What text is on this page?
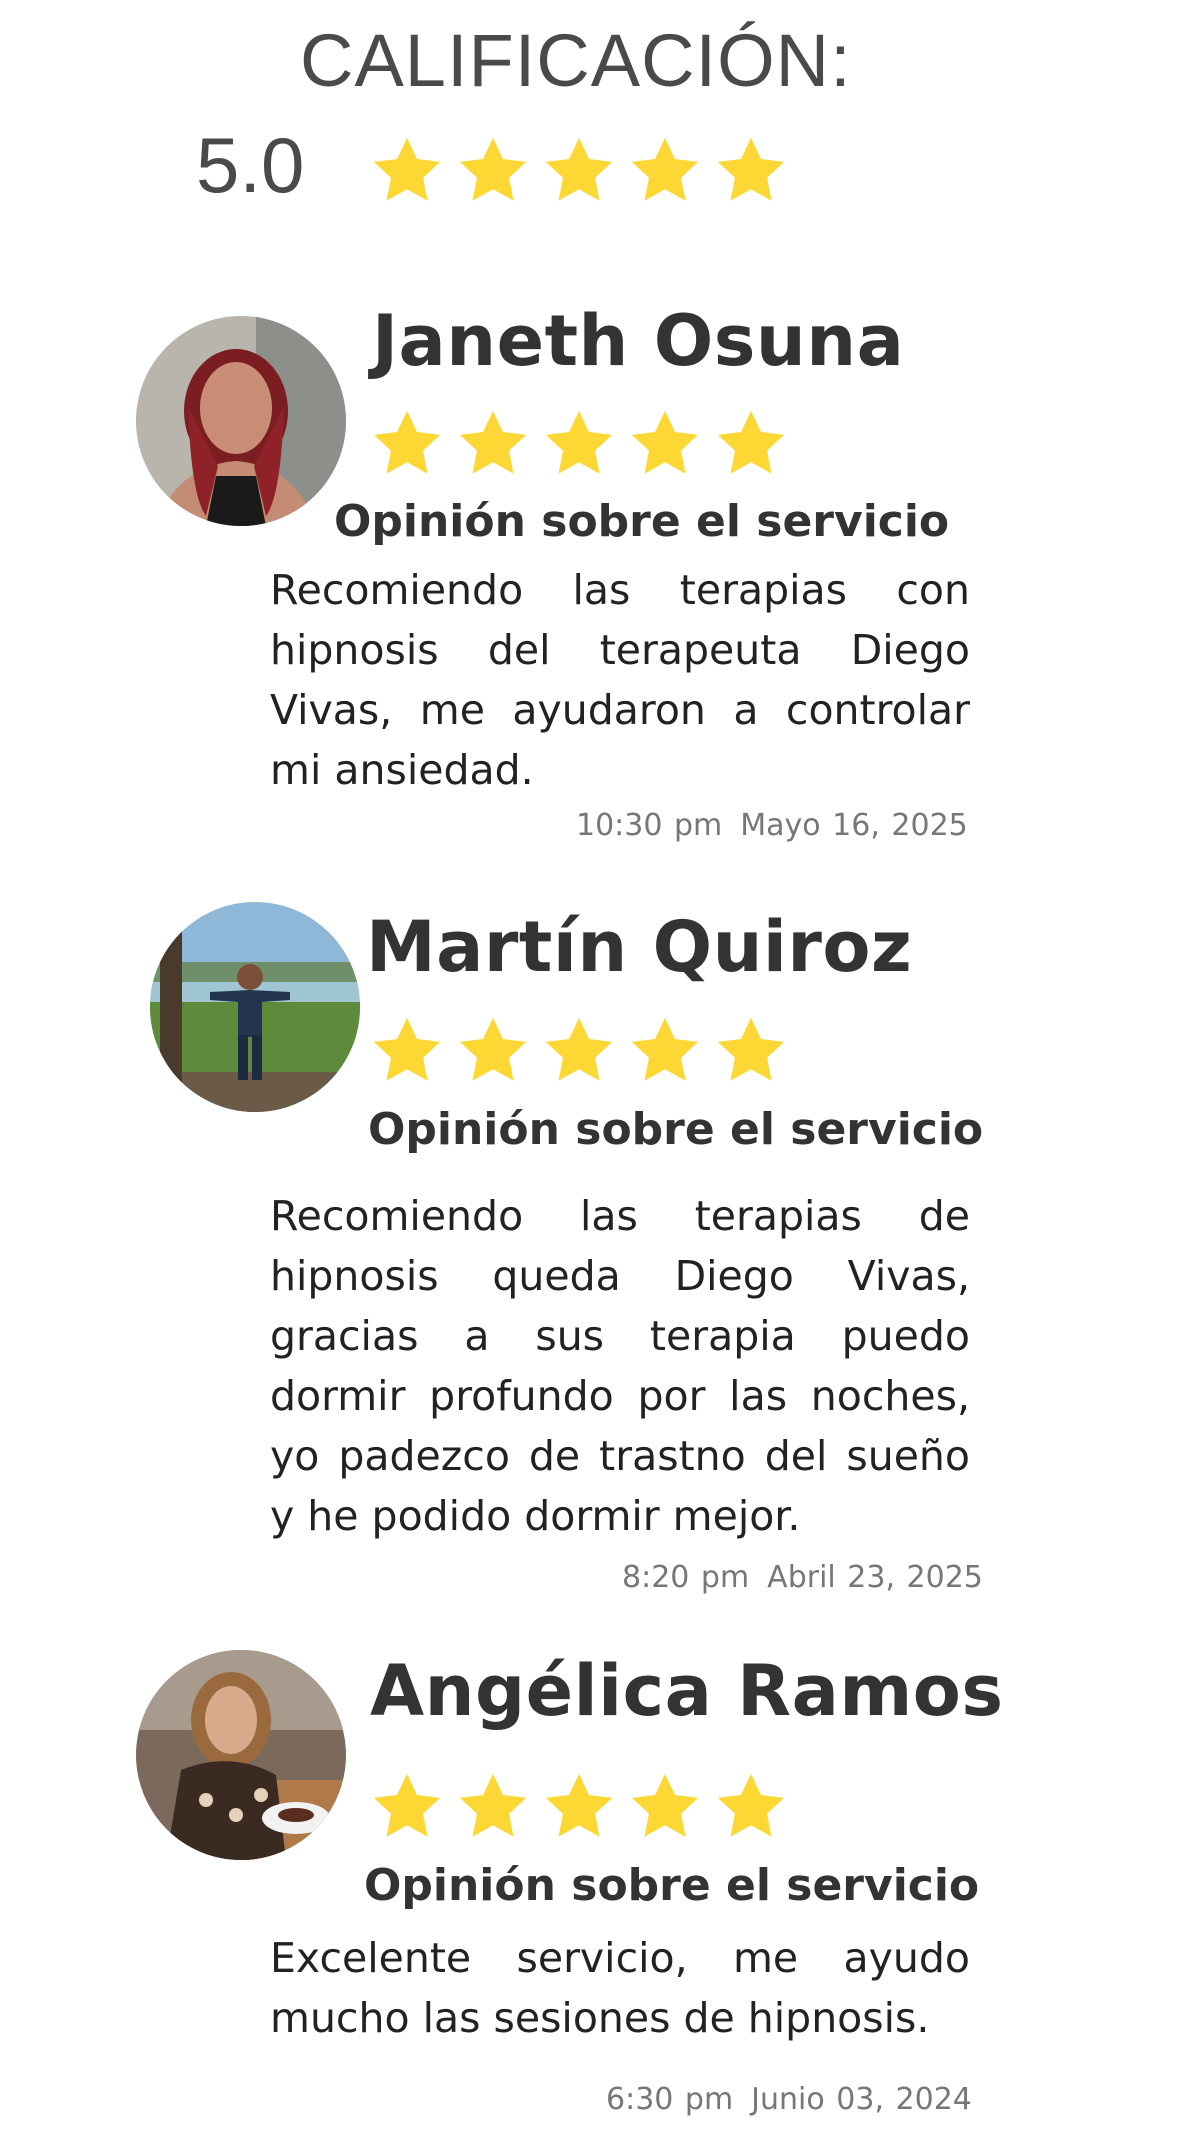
CALIFICACIÓN:
5.0
Janeth Osuna
Opinión sobre el servicio
Recomiendo las terapias con hipnosis del terapeuta Diego Vivas, me ayudaron a controlar mi ansiedad.
10:30 pm Mayo 16, 2025
Martín Quiroz
Opinión sobre el servicio
Recomiendo las terapias de hipnosis queda Diego Vivas, gracias a sus terapia puedo dormir profundo por las noches, yo padezco de trastno del sueño y he podido dormir mejor.
8:20 pm Abril 23, 2025
Angélica Ramos
Opinión sobre el servicio
Excelente servicio, me ayudo mucho las sesiones de hipnosis.
6:30 pm Junio 03, 2024
